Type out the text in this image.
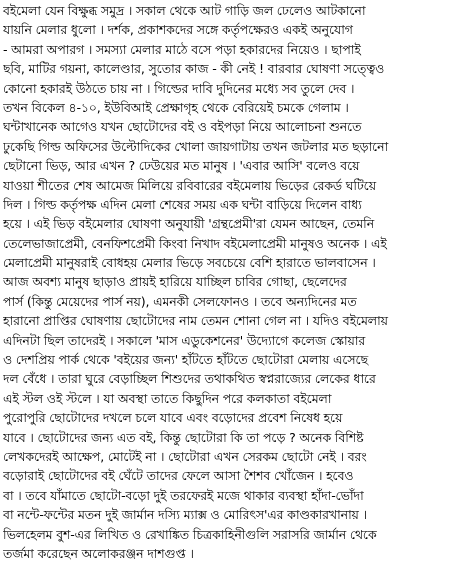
বইমেলা যেন বিক্ষুব্ধ সমুদ্র । সকাল থেকে আট গাড়ি জল ঢেলেও আটকানো
যায়নি মেলার ধুলো । দর্শক, প্রকাশকদের সঙ্গে কর্তৃপক্ষেরও একই অনুযোগ
- আমরা অপারগ । সমস্যা মেলার মাঠে বসে পড়া হকারদের নিয়েও । ছাপাই
ছবি, মাটির গয়না, কালেণ্ডার, সুতোর কাজ - কী নেই ! বারবার ঘোষণা সত্ত্বেও
কোনো হকারই উঠতে চায় না । গিল্ডের দাবি দুদিনের মধ্যে সব তুলে দেব ।
তখন বিকেল ৪-১০, ইউবিআই প্রেক্ষাগৃহ থেকে বেরিয়েই চমকে গেলাম ।
ঘন্টাখানেক আগেও যখন ছোটোদের বই ও বইপড়া নিয়ে আলোচনা শুনতে
ঢুকেছি গিল্ড অফিসের উল্টোদিকের খোলা জায়গাটায় তখন জটলার মত ছড়ানো
ছেটানো ভিড়, আর এখন ? ঢেউয়ের মত মানুষ । 'এবার আসি' বলেও বয়ে
যাওয়া শীতের শেষ আমেজ মিলিয়ে রবিবারের বইমেলায় ভিড়ের রেকর্ড ঘটিয়ে
দিল । গিল্ড কর্তৃপক্ষ এদিন মেলা শেষের সময় এক ঘন্টা বাড়িয়ে দিলেন বাধ্য
হয়ে । এই ভিড় বইমেলার ঘোষণা অনুযায়ী 'গ্রন্থপ্রেমী'রা যেমন আছেন, তেমনি
তেলেভাজাপ্রেমী, বেনফিশপ্রেমী কিংবা নিখাদ বইমেলাপ্রেমী মানুষও অনেক । এই
মেলাপ্রেমী মানুষরাই বোধহয় মেলার ভিড়ে সবচেয়ে বেশি হারাতে ভালবাসেন ।
আজ অবশ্য মানুষ ছাড়াও প্রায়ই হারিয়ে যাচ্ছিল চাবির গোছা, ছেলেদের
পার্স (কিন্তু মেয়েদের পার্স নয়), এমনকী সেলফোনও । তবে অন্যদিনের মত
হারানো প্রাপ্তির ঘোষণায় ছোটোদের নাম তেমন শোনা গেল না । যদিও বইমেলায়
এদিনটা ছিল তাদেরই । সকালে 'মাস এডুকেশনের' উদ্যোগে কলেজ স্কোয়ার
ও দেশপ্রিয় পার্ক থেকে 'বইয়ের জন্য' হাঁটতে হাঁটতে ছোটোরা মেলায় এসেছে
দল বেঁধে । তারা ঘুরে বেড়াচ্ছিল শিশুদের তথাকথিত স্বপ্নরাজ্যের লেকের ধারে
এই স্টল ওই স্টলে । যা অবস্থা তাতে কিছুদিন পরে কলকাতা বইমেলা
পুরোপুরি ছোটোদের দখলে চলে যাবে এবং বড়োদের প্রবেশ নিষেধ হয়ে
যাবে । ছোটোদের জন্য এত বই, কিন্তু ছোটোরা কি তা পড়ে ? অনেক বিশিষ্ট
লেখকদেরই আক্ষেপ, মোটেই না । ছোটোরা এখন সেরকম ছোটো নেই । বরং
বড়োরাই ছোটোদের বই ঘেঁটে তাদের ফেলে আসা শৈশব খোঁজেন । হবেও
বা । তবে যাঁমাতে ছোটো-বড়ো দুই তরফেরই মজে থাকার ব্যবস্থা হাঁদা-ভোঁদা
বা নন্টে-ফন্টের মতন দুই জার্মান দস্যি ম্যাক্স ও মোরিৎস'এর কাণ্ডকারখানায় ।
ভিলহেলম বুশ-এর লিখিত ও রেখাঙ্কিত চিত্রকাহিনীগুলি সরাসরি জার্মান থেকে
তর্জমা করেছেন অলোকরঞ্জন দাশগুপ্ত ।
